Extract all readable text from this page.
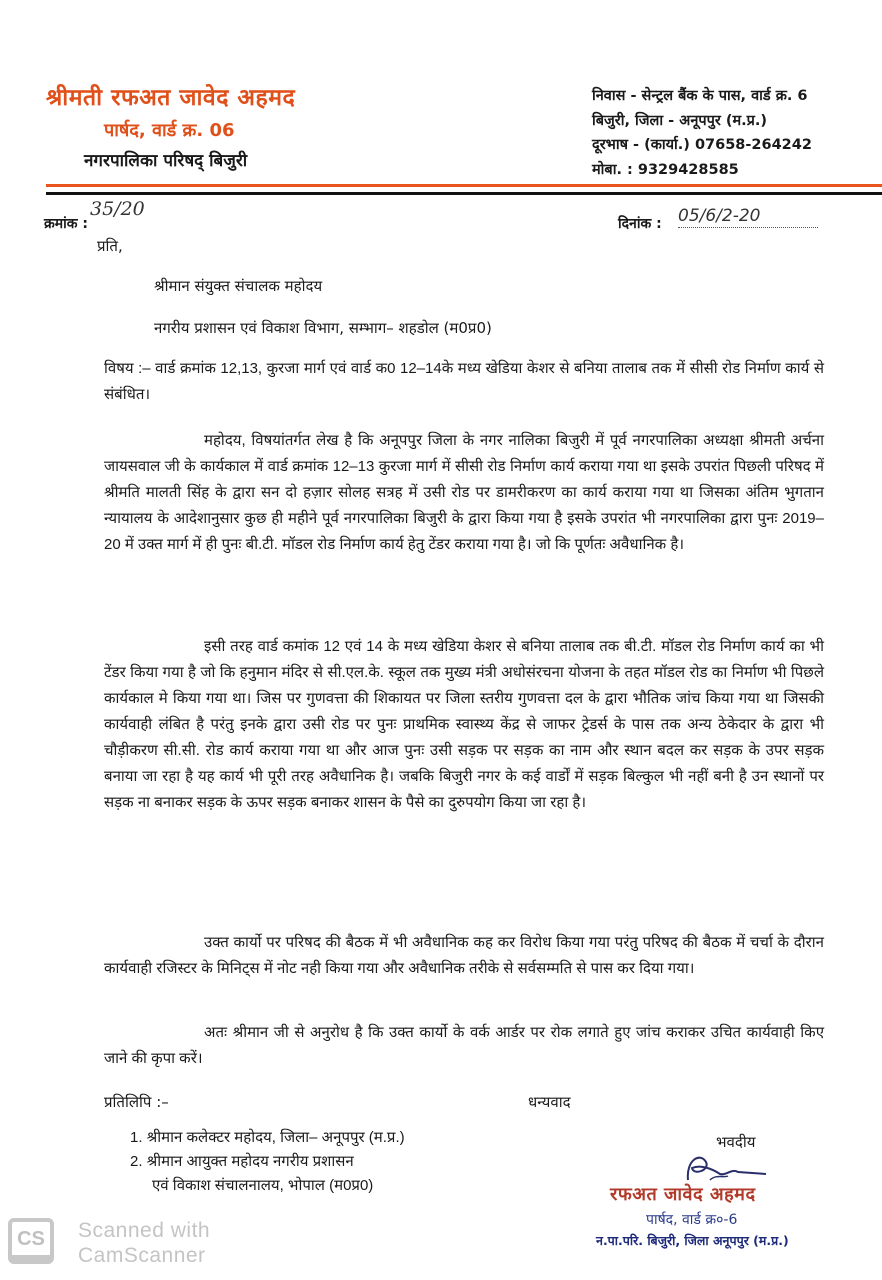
श्रीमती रफअत जावेद अहमद
पार्षद, वार्ड क्र. 06
नगरपालिका परिषद् बिजुरी
निवास - सेन्ट्रल बैंक के पास, वार्ड क्र. 6
बिजुरी, जिला - अनूपपुर (म.प्र.)
दूरभाष - (कार्या.) 07658-264242
मोबा. : 9329428585
क्रमांक :
35/20
दिनांक : 05/6/2-20
प्रति,
श्रीमान संयुक्त संचालक महोदय
नगरीय प्रशासन एवं विकाश विभाग, सम्भाग– शहडोल (म0प्र0)
विषय :– वार्ड क्रमांक 12,13, कुरजा मार्ग एवं वार्ड क0 12–14के मध्य खेडिया केशर से बनिया तालाब तक में सीसी रोड निर्माण कार्य से संबंधित।
महोदय, विषयांतर्गत लेख है कि अनूपपुर जिला के नगर नालिका बिजुरी में पूर्व नगरपालिका अध्यक्षा श्रीमती अर्चना जायसवाल जी के कार्यकाल में वार्ड क्रमांक 12–13 कुरजा मार्ग में सीसी रोड निर्माण कार्य कराया गया था इसके उपरांत पिछली परिषद में श्रीमति मालती सिंह के द्वारा सन दो हज़ार सोलह सत्रह में उसी रोड पर डामरीकरण का कार्य कराया गया था जिसका अंतिम भुगतान न्यायालय के आदेशानुसार कुछ ही महीने पूर्व नगरपालिका बिजुरी के द्वारा किया गया है इसके उपरांत भी नगरपालिका द्वारा पुनः 2019–20 में उक्त मार्ग में ही पुनः बी.टी. मॉडल रोड निर्माण कार्य हेतु टेंडर कराया गया है। जो कि पूर्णतः अवैधानिक है।
इसी तरह वार्ड कमांक 12 एवं 14 के मध्य खेडिया केशर से बनिया तालाब तक बी.टी. मॉडल रोड निर्माण कार्य का भी टेंडर किया गया है जो कि हनुमान मंदिर से सी.एल.के. स्कूल तक मुख्य मंत्री अधोसंरचना योजना के तहत मॉडल रोड का निर्माण भी पिछले कार्यकाल मे किया गया था। जिस पर गुणवत्ता की शिकायत पर जिला स्तरीय गुणवत्ता दल के द्वारा भौतिक जांच किया गया था जिसकी कार्यवाही लंबित है परंतु इनके द्वारा उसी रोड पर पुनः प्राथमिक स्वास्थ्य केंद्र से जाफर ट्रेडर्स के पास तक अन्य ठेकेदार के द्वारा भी चौड़ीकरण सी.सी. रोड कार्य कराया गया था और आज पुनः उसी सड़क पर सड़क का नाम और स्थान बदल कर सड़क के उपर सड़क बनाया जा रहा है यह कार्य भी पूरी तरह अवैधानिक है। जबकि बिजुरी नगर के कई वार्डों में सड़क बिल्कुल भी नहीं बनी है उन स्थानों पर सड़क ना बनाकर सड़क के ऊपर सड़क बनाकर शासन के पैसे का दुरुपयोग किया जा रहा है।
उक्त कार्यो पर परिषद की बैठक में भी अवैधानिक कह कर विरोध किया गया परंतु परिषद की बैठक में चर्चा के दौरान कार्यवाही रजिस्टर के मिनिट्स में नोट नही किया गया और अवैधानिक तरीके से सर्वसम्मति से पास कर दिया गया।
अतः श्रीमान जी से अनुरोध है कि उक्त कार्यो के वर्क आर्डर पर रोक लगाते हुए जांच कराकर उचित कार्यवाही किए जाने की कृपा करें।
प्रतिलिपि :–	धन्यवाद
1. श्रीमान कलेक्टर महोदय, जिला– अनूपपुर (म.प्र.)
2. श्रीमान आयुक्त महोदय नगरीय प्रशासन
एवं विकाश संचालनालय, भोपाल (म0प्र0)
भवदीय
रफअत जावेद अहमद
पार्षद, वार्ड क्र०-6
न.पा.परि. बिजुरी, जिला अनूपपुर (म.प्र.)
CS	Scanned with
CamScanner
